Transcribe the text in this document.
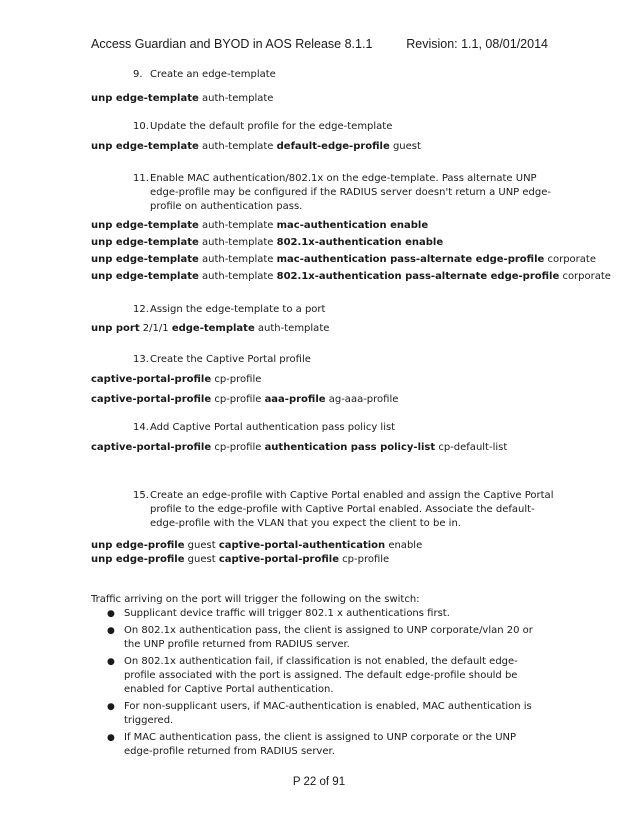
Access Guardian and BYOD in AOS Release 8.1.1	Revision: 1.1, 08/01/2014
9. Create an edge-template
unp edge-template auth-template
10. Update the default profile for the edge-template
unp edge-template auth-template default-edge-profile guest
11. Enable MAC authentication/802.1x on the edge-template. Pass alternate UNP edge-profile may be configured if the RADIUS server doesn't return a UNP edge-profile on authentication pass.
unp edge-template auth-template mac-authentication enable
unp edge-template auth-template 802.1x-authentication enable
unp edge-template auth-template mac-authentication pass-alternate edge-profile corporate
unp edge-template auth-template 802.1x-authentication pass-alternate edge-profile corporate
12. Assign the edge-template to a port
unp port 2/1/1 edge-template auth-template
13. Create the Captive Portal profile
captive-portal-profile cp-profile
captive-portal-profile cp-profile aaa-profile ag-aaa-profile
14. Add Captive Portal authentication pass policy list
captive-portal-profile cp-profile authentication pass policy-list cp-default-list
15. Create an edge-profile with Captive Portal enabled and assign the Captive Portal profile to the edge-profile with Captive Portal enabled. Associate the default-edge-profile with the VLAN that you expect the client to be in.
unp edge-profile guest captive-portal-authentication enable
unp edge-profile guest captive-portal-profile cp-profile
Traffic arriving on the port will trigger the following on the switch:
● Supplicant device traffic will trigger 802.1 x authentications first.
● On 802.1x authentication pass, the client is assigned to UNP corporate/vlan 20 or the UNP profile returned from RADIUS server.
● On 802.1x authentication fail, if classification is not enabled, the default edge-profile associated with the port is assigned. The default edge-profile should be enabled for Captive Portal authentication.
● For non-supplicant users, if MAC-authentication is enabled, MAC authentication is triggered.
● If MAC authentication pass, the client is assigned to UNP corporate or the UNP edge-profile returned from RADIUS server.
P 22 of 91
